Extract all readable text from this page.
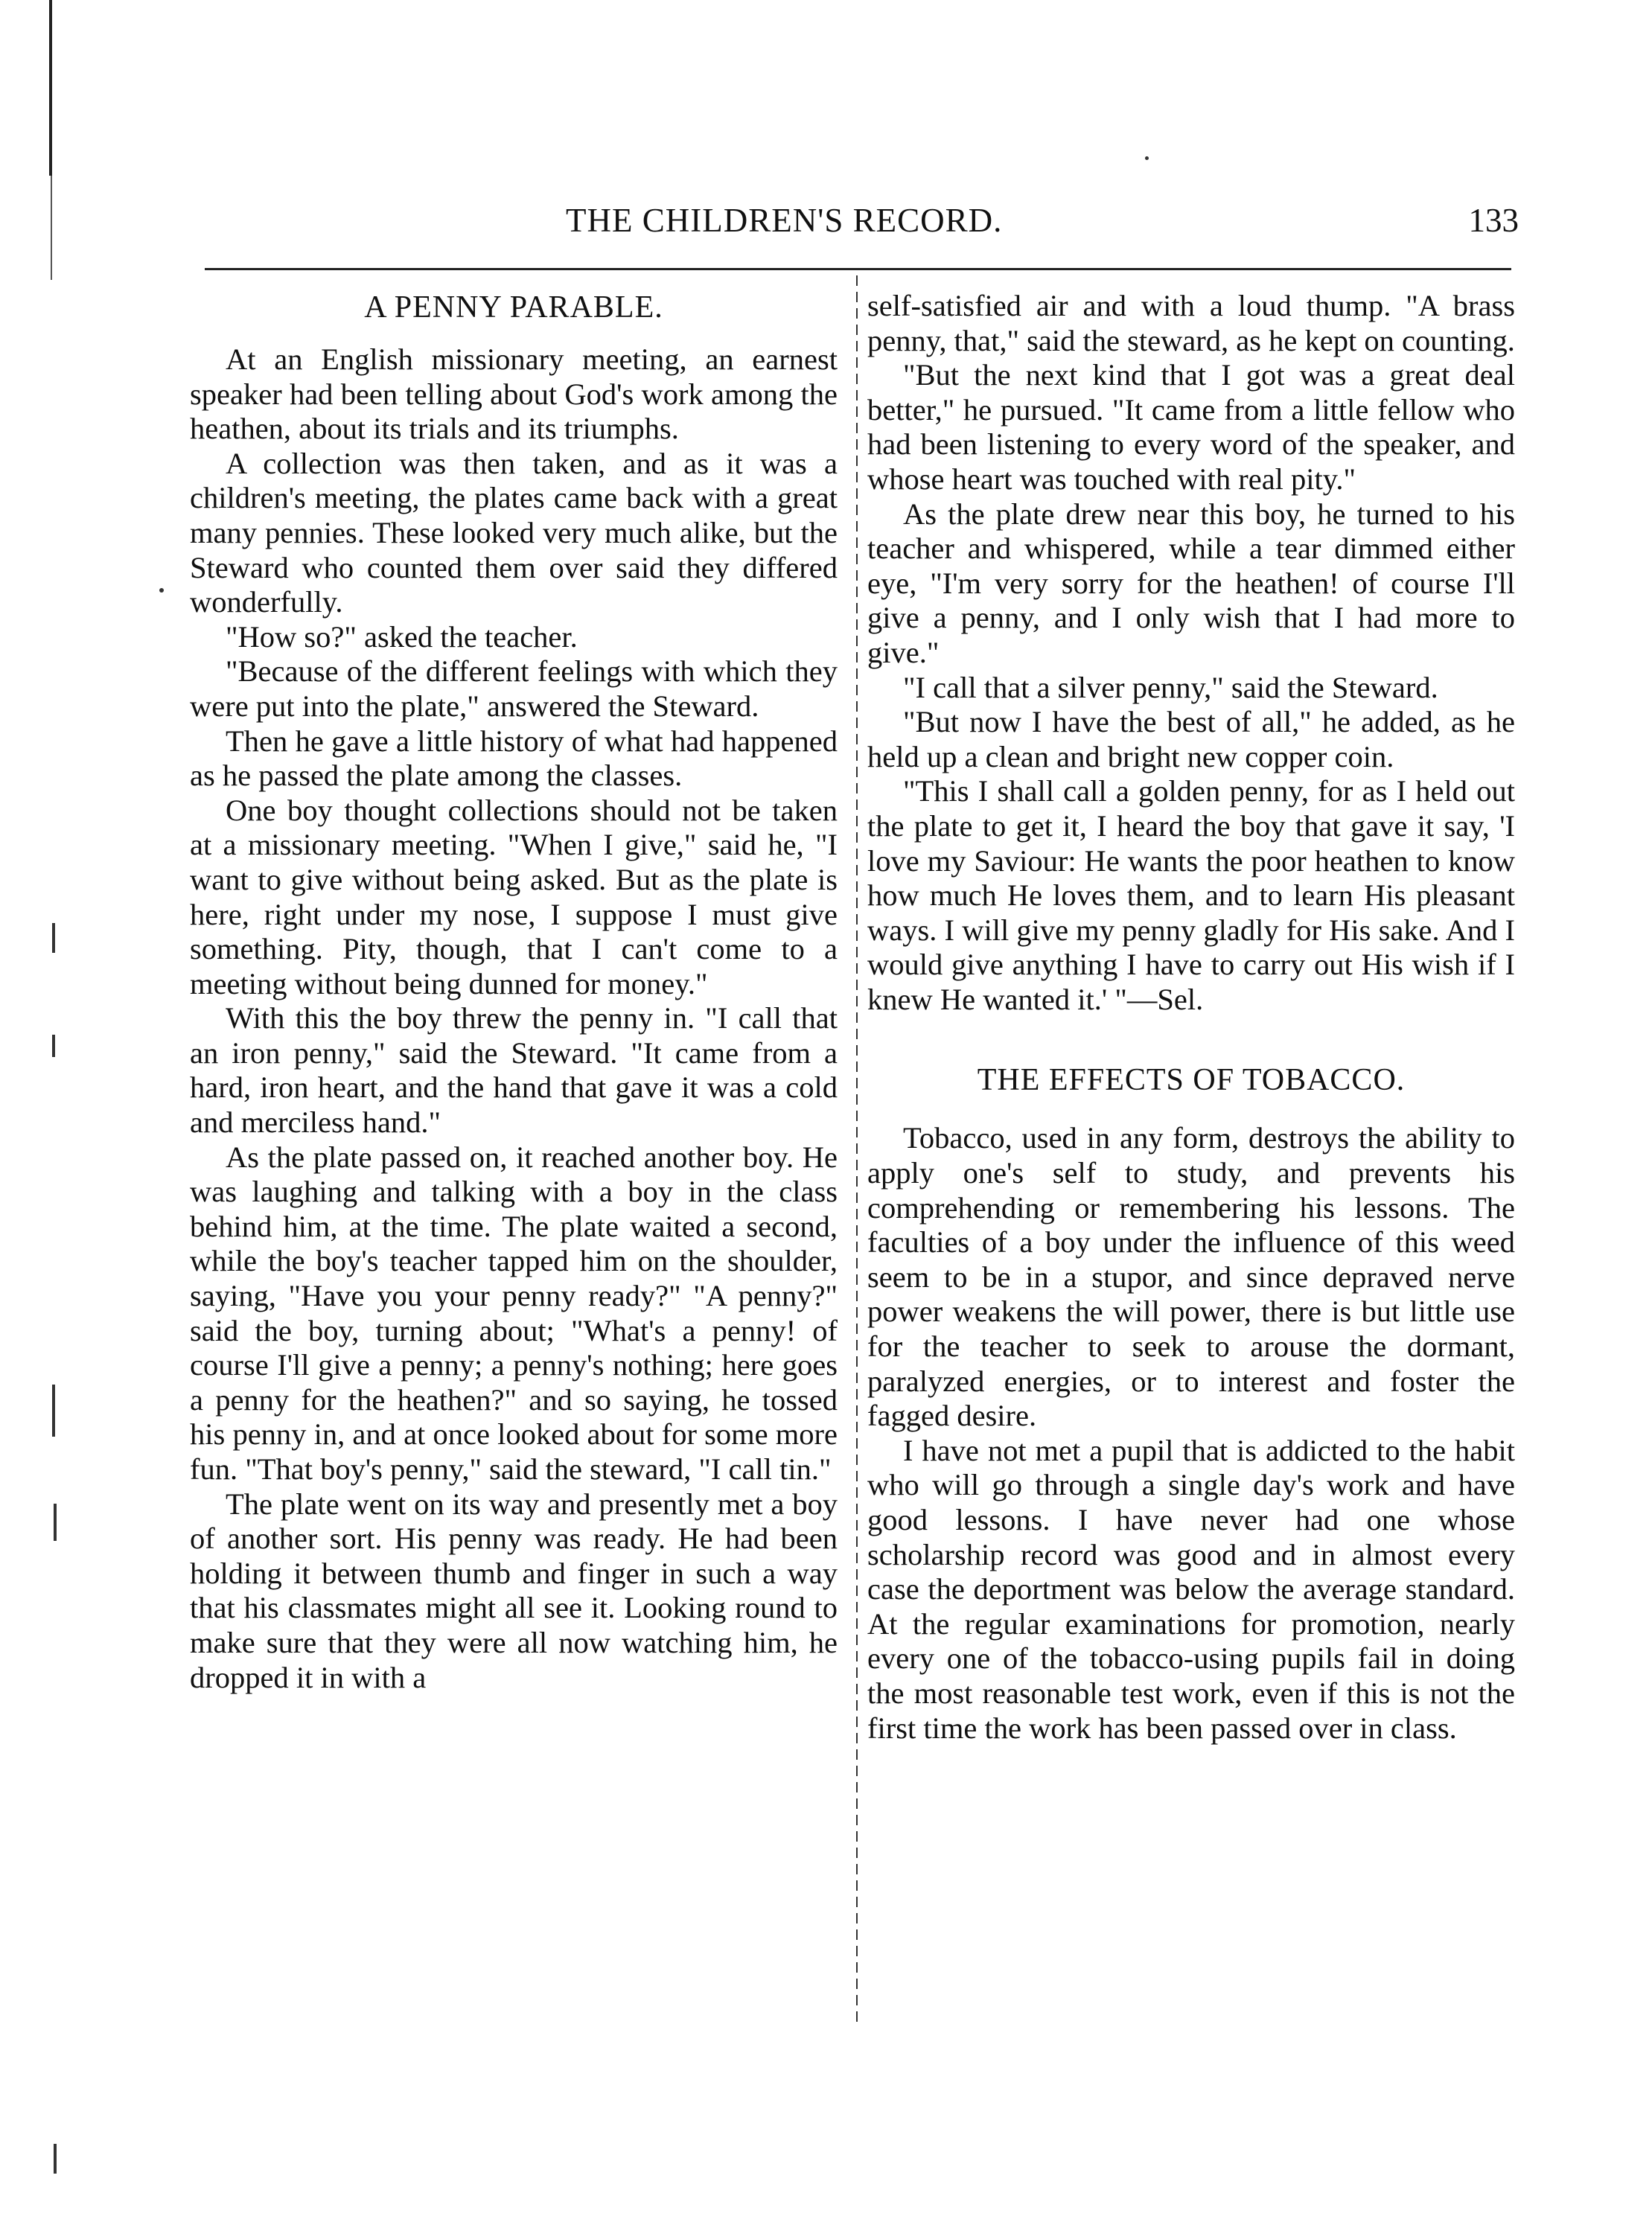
THE CHILDREN'S RECORD.	133
A PENNY PARABLE.

At an English missionary meeting, an earnest speaker had been telling about God's work among the heathen, about its trials and its triumphs.

A collection was then taken, and as it was a children's meeting, the plates came back with a great many pennies. These looked very much alike, but the Steward who counted them over said they differed wonderfully.

"How so?" asked the teacher.

"Because of the different feelings with which they were put into the plate," answered the Steward.

Then he gave a little history of what had happened as he passed the plate among the classes.

One boy thought collections should not be taken at a missionary meeting. "When I give," said he, "I want to give without being asked. But as the plate is here, right under my nose, I suppose I must give something. Pity, though, that I can't come to a meeting without being dunned for money."

With this the boy threw the penny in. "I call that an iron penny," said the Steward. "It came from a hard, iron heart, and the hand that gave it was a cold and merciless hand."

As the plate passed on, it reached another boy. He was laughing and talking with a boy in the class behind him, at the time. The plate waited a second, while the boy's teacher tapped him on the shoulder, saying, "Have you your penny ready?" "A penny?" said the boy, turning about; "What's a penny! of course I'll give a penny; a penny's nothing; here goes a penny for the heathen?" and so saying, he tossed his penny in, and at once looked about for some more fun. "That boy's penny," said the steward, "I call tin."

The plate went on its way and presently met a boy of another sort. His penny was ready. He had been holding it between thumb and finger in such a way that his classmates might all see it. Looking round to make sure that they were all now watching him, he dropped it in with a

self-satisfied air and with a loud thump. "A brass penny, that," said the steward, as he kept on counting.

"But the next kind that I got was a great deal better," he pursued. "It came from a little fellow who had been listening to every word of the speaker, and whose heart was touched with real pity."

As the plate drew near this boy, he turned to his teacher and whispered, while a tear dimmed either eye, "I'm very sorry for the heathen! of course I'll give a penny, and I only wish that I had more to give."

"I call that a silver penny," said the Steward.

"But now I have the best of all," he added, as he held up a clean and bright new copper coin.

"This I shall call a golden penny, for as I held out the plate to get it, I heard the boy that gave it say, 'I love my Saviour: He wants the poor heathen to know how much He loves them, and to learn His pleasant ways. I will give my penny gladly for His sake. And I would give anything I have to carry out His wish if I knew He wanted it.' "—Sel.

THE EFFECTS OF TOBACCO.

Tobacco, used in any form, destroys the ability to apply one's self to study, and prevents his comprehending or remembering his lessons. The faculties of a boy under the influence of this weed seem to be in a stupor, and since depraved nerve power weakens the will power, there is but little use for the teacher to seek to arouse the dormant, paralyzed energies, or to interest and foster the fagged desire.

I have not met a pupil that is addicted to the habit who will go through a single day's work and have good lessons. I have never had one whose scholarship record was good and in almost every case the deportment was below the average standard. At the regular examinations for promotion, nearly every one of the tobacco-using pupils fail in doing the most reasonable test work, even if this is not the first time the work has been passed over in class.
